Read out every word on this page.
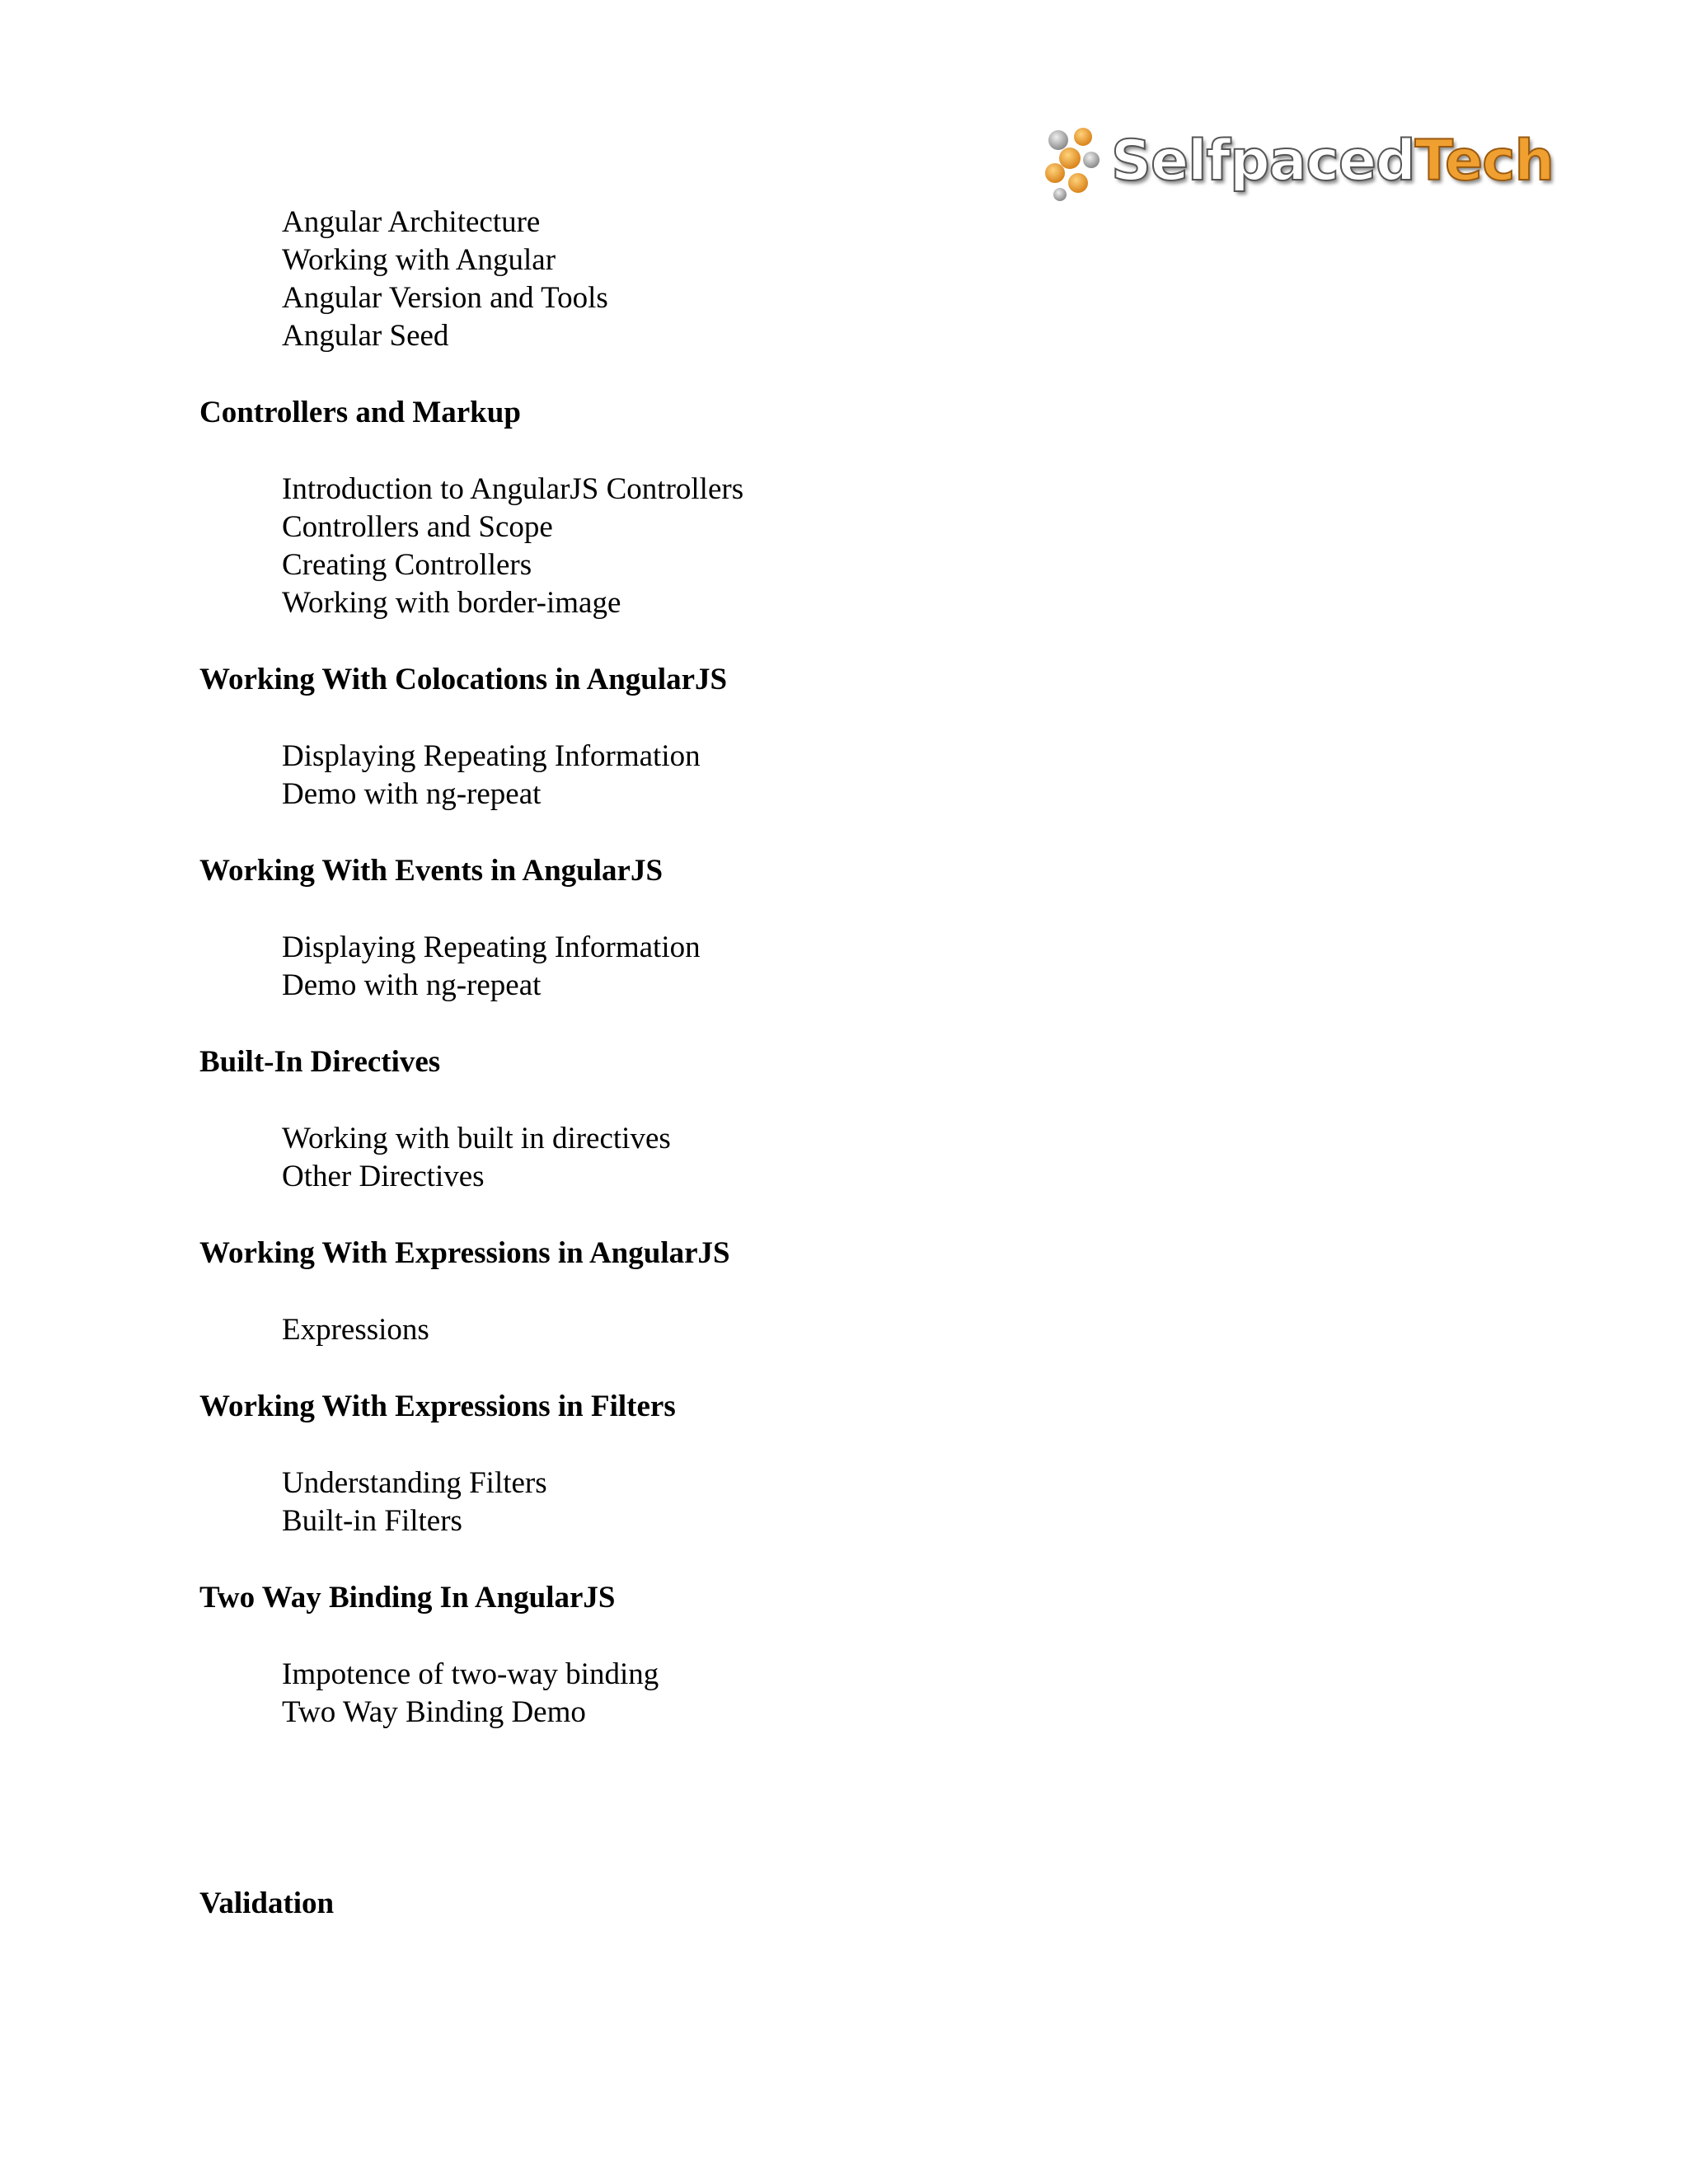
SelfpacedTech
Angular Architecture
Working with Angular
Angular Version and Tools
Angular Seed
Controllers and Markup
Introduction to AngularJS Controllers
Controllers and Scope
Creating Controllers
Working with border-image
Working With Colocations in AngularJS
Displaying Repeating Information
Demo with ng-repeat
Working With Events in AngularJS
Displaying Repeating Information
Demo with ng-repeat
Built-In Directives
Working with built in directives
Other Directives
Working With Expressions in AngularJS
Expressions
Working With Expressions in Filters
Understanding Filters
Built-in Filters
Two Way Binding In AngularJS
Impotence of two-way binding
Two Way Binding Demo
Validation
